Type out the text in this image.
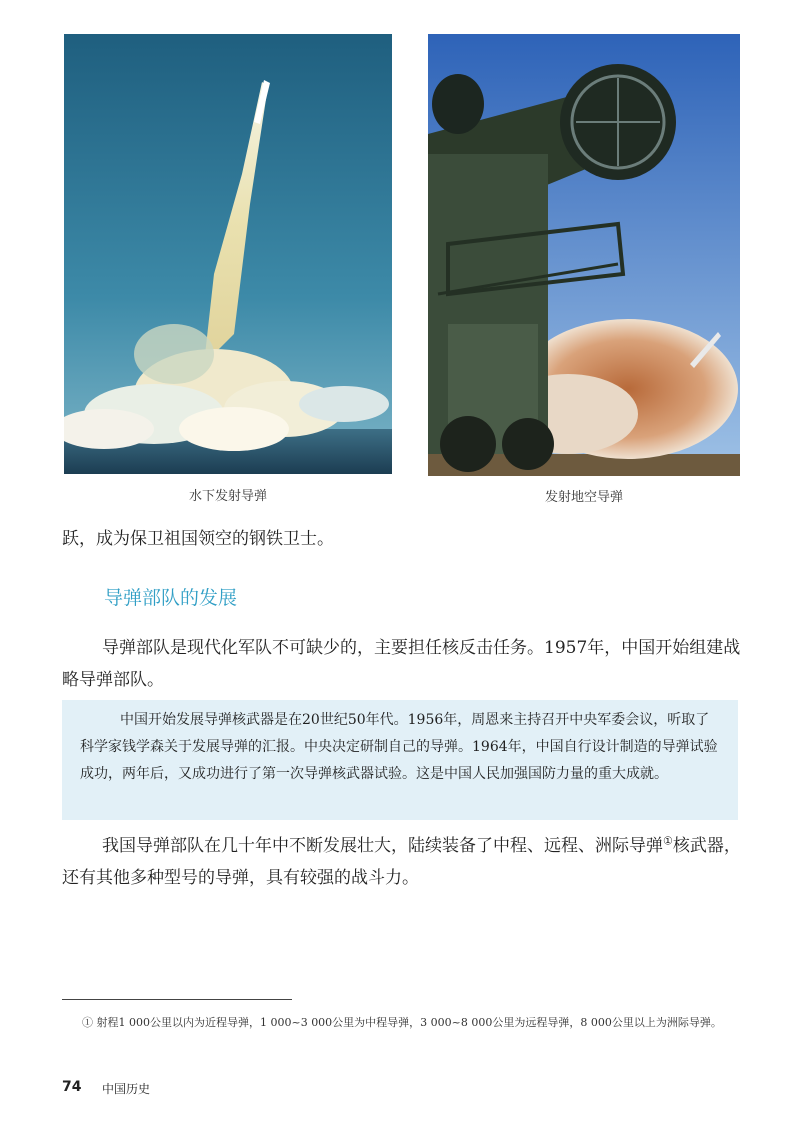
水下发射导弹	发射地空导弹
跃，成为保卫祖国领空的钢铁卫士。
导弹部队的发展
导弹部队是现代化军队不可缺少的，主要担任核反击任务。1957年，中国开始组建战略导弹部队。
中国开始发展导弹核武器是在20世纪50年代。1956年，周恩来主持召开中央军委会议，听取了科学家钱学森关于发展导弹的汇报。中央决定研制自己的导弹。1964年，中国自行设计制造的导弹试验成功，两年后，又成功进行了第一次导弹核武器试验。这是中国人民加强国防力量的重大成就。
我国导弹部队在几十年中不断发展壮大，陆续装备了中程、远程、洲际导弹①核武器，还有其他多种型号的导弹，具有较强的战斗力。
① 射程1 000公里以内为近程导弹，1 000~3 000公里为中程导弹，3 000~8 000公里为远程导弹，8 000公里以上为洲际导弹。
74 中国历史
